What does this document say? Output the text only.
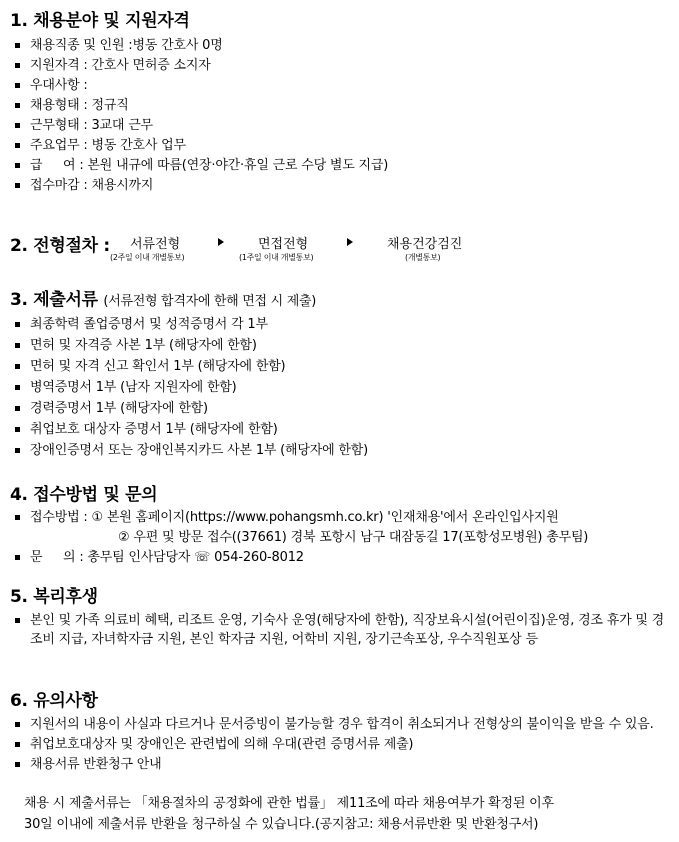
1. 채용분야 및 지원자격
채용직종 및 인원 :병동 간호사 0명
지원자격 : 간호사 면허증 소지자
우대사항 :
채용형태 : 정규직
근무형태 : 3교대 근무
주요업무 : 병동 간호사 업무
급 　 여 : 본원 내규에 따름(연장·야간·휴일 근로 수당 별도 지급)
접수마감 : 채용시까지
2. 전형절차 : 서류전형
(2주일 이내 개별통보)
면접전형
(1주일 이내 개별통보)
채용건강검진
(개별통보)
3. 제출서류 (서류전형 합격자에 한해 면접 시 제출)
최종학력 졸업증명서 및 성적증명서 각 1부
면허 및 자격증 사본 1부 (해당자에 한함)
면허 및 자격 신고 확인서 1부 (해당자에 한함)
병역증명서 1부 (남자 지원자에 한함)
경력증명서 1부 (해당자에 한함)
취업보호 대상자 증명서 1부 (해당자에 한함)
장애인증명서 또는 장애인복지카드 사본 1부 (해당자에 한함)
4. 접수방법 및 문의
접수방법 : ① 본원 홈페이지(https://www.pohangsmh.co.kr) '인재채용'에서 온라인입사지원
② 우편 및 방문 접수((37661) 경북 포항시 남구 대잠동길 17(포항성모병원) 총무팀)
문 　 의 : 총무팀 인사담당자 ☏ 054-260-8012
5. 복리후생
본인 및 가족 의료비 혜택, 리조트 운영, 기숙사 운영(해당자에 한함), 직장보육시설(어린이집)운영, 경조 휴가 및 경조비 지급, 자녀학자금 지원, 본인 학자금 지원, 어학비 지원, 장기근속포상, 우수직원포상 등
6. 유의사항
지원서의 내용이 사실과 다르거나 문서증빙이 불가능할 경우 합격이 취소되거나 전형상의 불이익을 받을 수 있음.
취업보호대상자 및 장애인은 관련법에 의해 우대(관련 증명서류 제출)
채용서류 반환청구 안내
채용 시 제출서류는 「채용절차의 공정화에 관한 법률」 제11조에 따라 채용여부가 확정된 이후
30일 이내에 제출서류 반환을 청구하실 수 있습니다.(공지참고: 채용서류반환 및 반환청구서)
